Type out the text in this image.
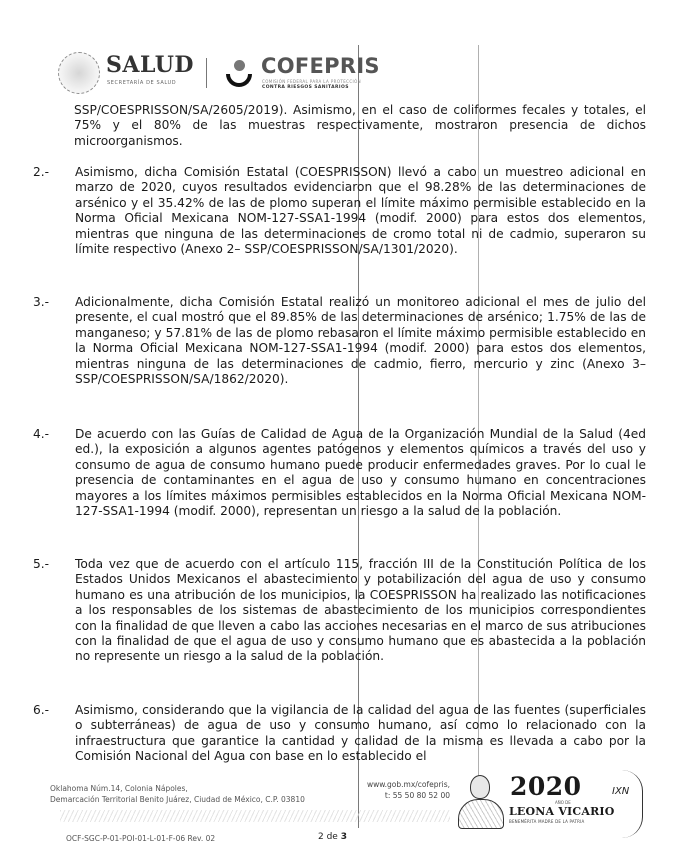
SALUD
SECRETARÍA DE SALUD
COFEPRIS
COMISIÓN FEDERAL PARA LA PROTECCIÓN
CONTRA RIESGOS SANITARIOS
SSP/COESPRISSON/SA/2605/2019). Asimismo, en el caso de coliformes fecales y totales, el 75% y el 80% de las muestras respectivamente, mostraron presencia de dichos microorganismos.
2.-	Asimismo, dicha Comisión Estatal (COESPRISSON) llevó a cabo un muestreo adicional en marzo de 2020, cuyos resultados evidenciaron que el 98.28% de las determinaciones de arsénico y el 35.42% de las de plomo superan el límite máximo permisible establecido en la Norma Oficial Mexicana NOM-127-SSA1-1994 (modif. 2000) para estos dos elementos, mientras que ninguna de las determinaciones de cromo total ni de cadmio, superaron su límite respectivo (Anexo 2– SSP/COESPRISSON/SA/1301/2020).
3.-	Adicionalmente, dicha Comisión Estatal realizó un monitoreo adicional el mes de julio del presente, el cual mostró que el 89.85% de las determinaciones de arsénico; 1.75% de las de manganeso; y 57.81% de las de plomo rebasaron el límite máximo permisible establecido en la Norma Oficial Mexicana NOM-127-SSA1-1994 (modif. 2000) para estos dos elementos, mientras ninguna de las determinaciones de cadmio, fierro, mercurio y zinc (Anexo 3– SSP/COESPRISSON/SA/1862/2020).
4.-	De acuerdo con las Guías de Calidad de Agua de la Organización Mundial de la Salud (4ed ed.), la exposición a algunos agentes patógenos y elementos químicos a través del uso y consumo de agua de consumo humano puede producir enfermedades graves. Por lo cual le presencia de contaminantes en el agua de uso y consumo humano en concentraciones mayores a los límites máximos permisibles establecidos en la Norma Oficial Mexicana NOM-127-SSA1-1994 (modif. 2000), representan un riesgo a la salud de la población.
5.-	Toda vez que de acuerdo con el artículo 115, fracción III de la Constitución Política de los Estados Unidos Mexicanos el abastecimiento y potabilización del agua de uso y consumo humano es una atribución de los municipios, la COESPRISSON ha realizado las notificaciones a los responsables de los sistemas de abastecimiento de los municipios correspondientes con la finalidad de que lleven a cabo las acciones necesarias en el marco de sus atribuciones con la finalidad de que el agua de uso y consumo humano que es abastecida a la población no represente un riesgo a la salud de la población.
6.-	Asimismo, considerando que la vigilancia de la calidad del agua de las fuentes (superficiales o subterráneas) de agua de uso y consumo humano, así como lo relacionado con la infraestructura que garantice la cantidad y calidad de la misma es llevada a cabo por la Comisión Nacional del Agua con base en lo establecido el
Oklahoma Núm.14, Colonia Nápoles,
Demarcación Territorial Benito Juárez, Ciudad de México, C.P. 03810
www.gob.mx/cofepris,
t: 55 50 80 52 00
OCF-SGC-P-01-POI-01-L-01-F-06 Rev. 02	2 de 3
2020
AÑO DE
LEONA VICARIO
BENEMÉRITA MADRE DE LA PATRIA
IXN
